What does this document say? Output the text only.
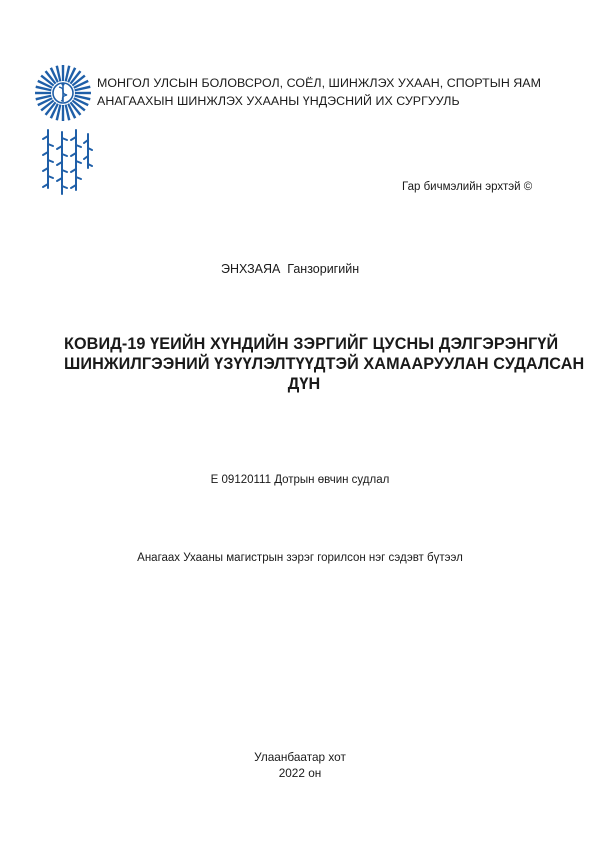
МОНГОЛ УЛСЫН БОЛОВСРОЛ, СОЁЛ, ШИНЖЛЭХ УХААН, СПОРТЫН ЯАМ
АНАГААХЫН ШИНЖЛЭХ УХААНЫ ҮНДЭСНИЙ ИХ СУРГУУЛЬ
Гар бичмэлийн эрхтэй ©
ЭНХЗАЯА  Ганзоригийн
КОВИД-19 ҮЕИЙН ХҮНДИЙН ЗЭРГИЙГ ЦУСНЫ ДЭЛГЭРЭНГҮЙ
ШИНЖИЛГЭЭНИЙ ҮЗҮҮЛЭЛТҮҮДТЭЙ ХАМААРУУЛАН СУДАЛСАН
ДҮН
Е 09120111 Дотрын өвчин судлал
Анагаах Ухааны магистрын зэрэг горилсон нэг сэдэвт бүтээл
Улаанбаатар хот
2022 он
